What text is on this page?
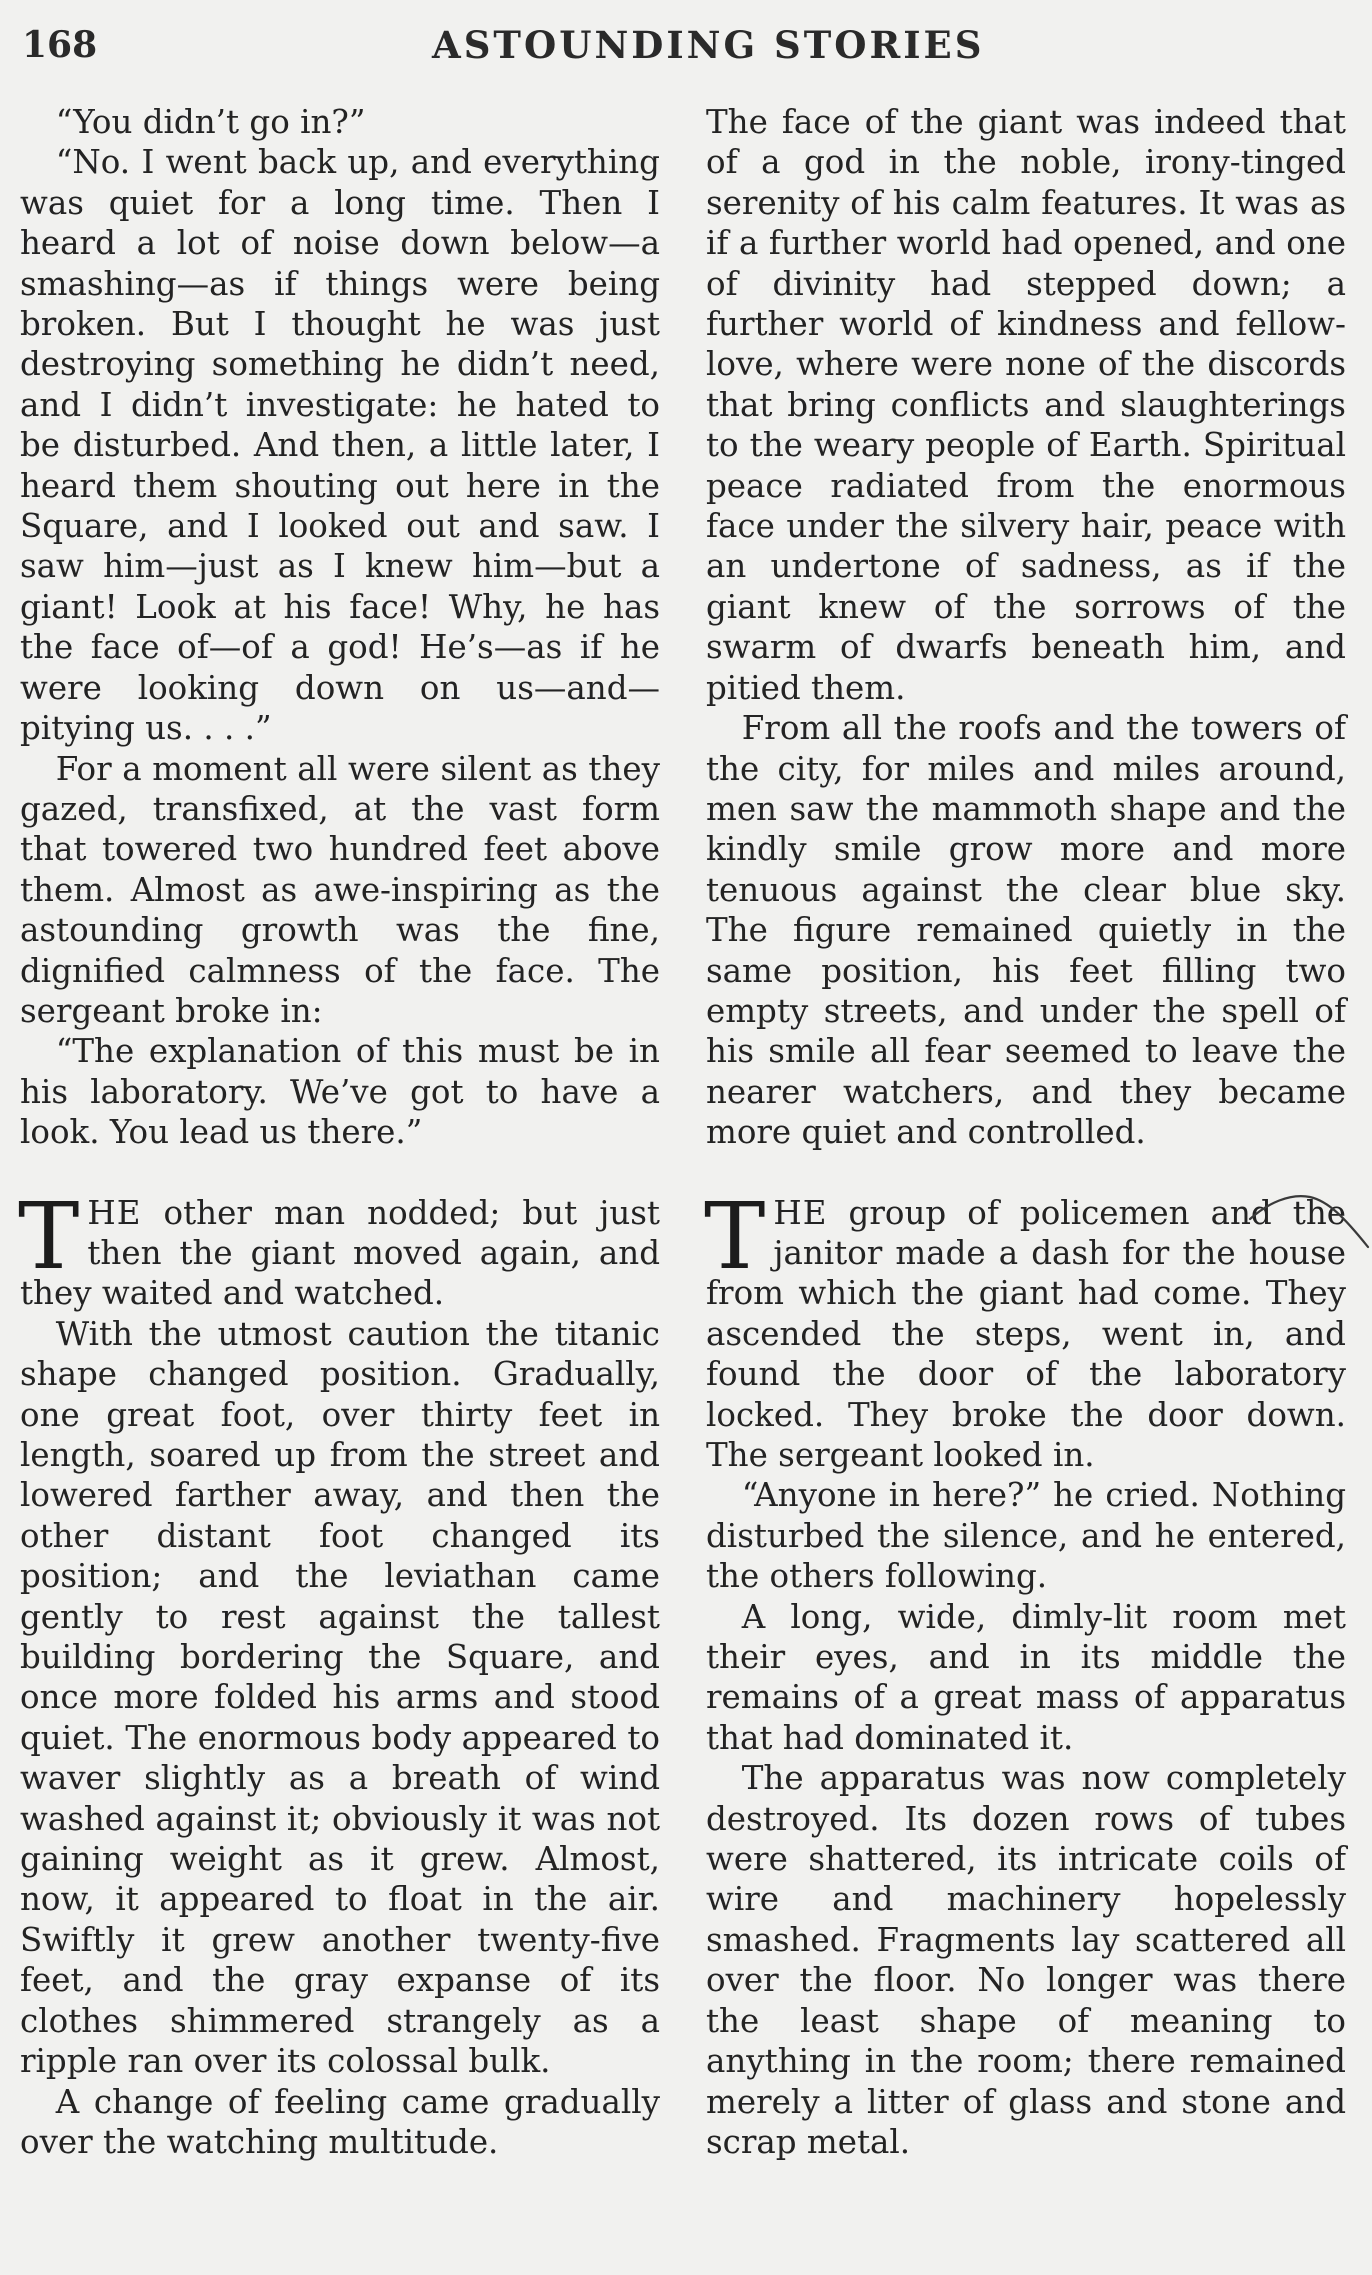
168	ASTOUNDING STORIES

“You didn’t go in?”

“No. I went back up, and everything was quiet for a long time. Then I heard a lot of noise down below—a smashing—as if things were being broken. But I thought he was just destroying something he didn’t need, and I didn’t investigate: he hated to be disturbed. And then, a little later, I heard them shouting out here in the Square, and I looked out and saw. I saw him—just as I knew him—but a giant! Look at his face! Why, he has the face of—of a god! He’s—as if he were looking down on us—and—pitying us. . . .”

For a moment all were silent as they gazed, transfixed, at the vast form that towered two hundred feet above them. Almost as awe-inspiring as the astounding growth was the fine, dignified calmness of the face. The sergeant broke in:

“The explanation of this must be in his laboratory. We’ve got to have a look. You lead us there.”

THE other man nodded; but just then the giant moved again, and they waited and watched.

With the utmost caution the titanic shape changed position. Gradually, one great foot, over thirty feet in length, soared up from the street and lowered farther away, and then the other distant foot changed its position; and the leviathan came gently to rest against the tallest building bordering the Square, and once more folded his arms and stood quiet. The enormous body appeared to waver slightly as a breath of wind washed against it; obviously it was not gaining weight as it grew. Almost, now, it appeared to float in the air. Swiftly it grew another twenty-five feet, and the gray expanse of its clothes shimmered strangely as a ripple ran over its colossal bulk.

A change of feeling came gradually over the watching multitude.

The face of the giant was indeed that of a god in the noble, irony-tinged serenity of his calm features. It was as if a further world had opened, and one of divinity had stepped down; a further world of kindness and fellow-love, where were none of the discords that bring conflicts and slaughterings to the weary people of Earth. Spiritual peace radiated from the enormous face under the silvery hair, peace with an undertone of sadness, as if the giant knew of the sorrows of the swarm of dwarfs beneath him, and pitied them.

From all the roofs and the towers of the city, for miles and miles around, men saw the mammoth shape and the kindly smile grow more and more tenuous against the clear blue sky. The figure remained quietly in the same position, his feet filling two empty streets, and under the spell of his smile all fear seemed to leave the nearer watchers, and they became more quiet and controlled.

THE group of policemen and the janitor made a dash for the house from which the giant had come. They ascended the steps, went in, and found the door of the laboratory locked. They broke the door down. The sergeant looked in.

“Anyone in here?” he cried. Nothing disturbed the silence, and he entered, the others following.

A long, wide, dimly-lit room met their eyes, and in its middle the remains of a great mass of apparatus that had dominated it.

The apparatus was now completely destroyed. Its dozen rows of tubes were shattered, its intricate coils of wire and machinery hopelessly smashed. Fragments lay scattered all over the floor. No longer was there the least shape of meaning to anything in the room; there remained merely a litter of glass and stone and scrap metal.
